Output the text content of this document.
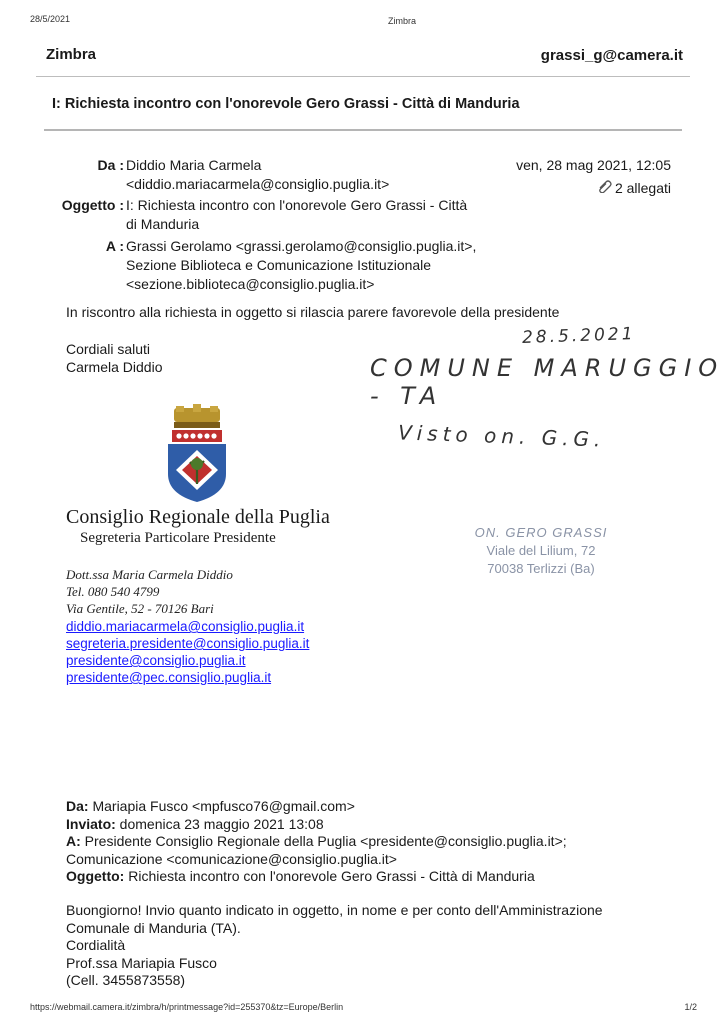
28/5/2021	Zimbra
Zimbra	grassi_g@camera.it
I: Richiesta incontro con l'onorevole Gero Grassi - Città di Manduria
Da : Diddio Maria Carmela
<diddio.mariacarmela@consiglio.puglia.it>
ven, 28 mag 2021, 12:05
2 allegati
Oggetto : I: Richiesta incontro con l'onorevole Gero Grassi - Città
di Manduria
A : Grassi Gerolamo <grassi.gerolamo@consiglio.puglia.it>,
Sezione Biblioteca e Comunicazione Istituzionale
<sezione.biblioteca@consiglio.puglia.it>
In riscontro alla richiesta in oggetto si rilascia parere favorevole della presidente
Cordiali saluti
Carmela Diddio
28.5.2021
COMUNE MARUGGIO - TA
Visto on. G.G.
Consiglio Regionale della Puglia
Segreteria Particolare Presidente	ON. GERO GRASSI
Viale del Lilium, 72
70038 Terlizzi (Ba)
Dott.ssa Maria Carmela Diddio
Tel. 080 540 4799
Via Gentile, 52 - 70126 Bari
diddio.mariacarmela@consiglio.puglia.it
segreteria.presidente@consiglio.puglia.it
presidente@consiglio.puglia.it
presidente@pec.consiglio.puglia.it
Da: Mariapia Fusco <mpfusco76@gmail.com>
Inviato: domenica 23 maggio 2021 13:08
A: Presidente Consiglio Regionale della Puglia <presidente@consiglio.puglia.it>;
Comunicazione <comunicazione@consiglio.puglia.it>
Oggetto: Richiesta incontro con l'onorevole Gero Grassi - Città di Manduria
Buongiorno! Invio quanto indicato in oggetto, in nome e per conto dell'Amministrazione
Comunale di Manduria (TA).
Cordialità
Prof.ssa Mariapia Fusco
(Cell. 3455873558)
https://webmail.camera.it/zimbra/h/printmessage?id=255370&tz=Europe/Berlin	1/2
